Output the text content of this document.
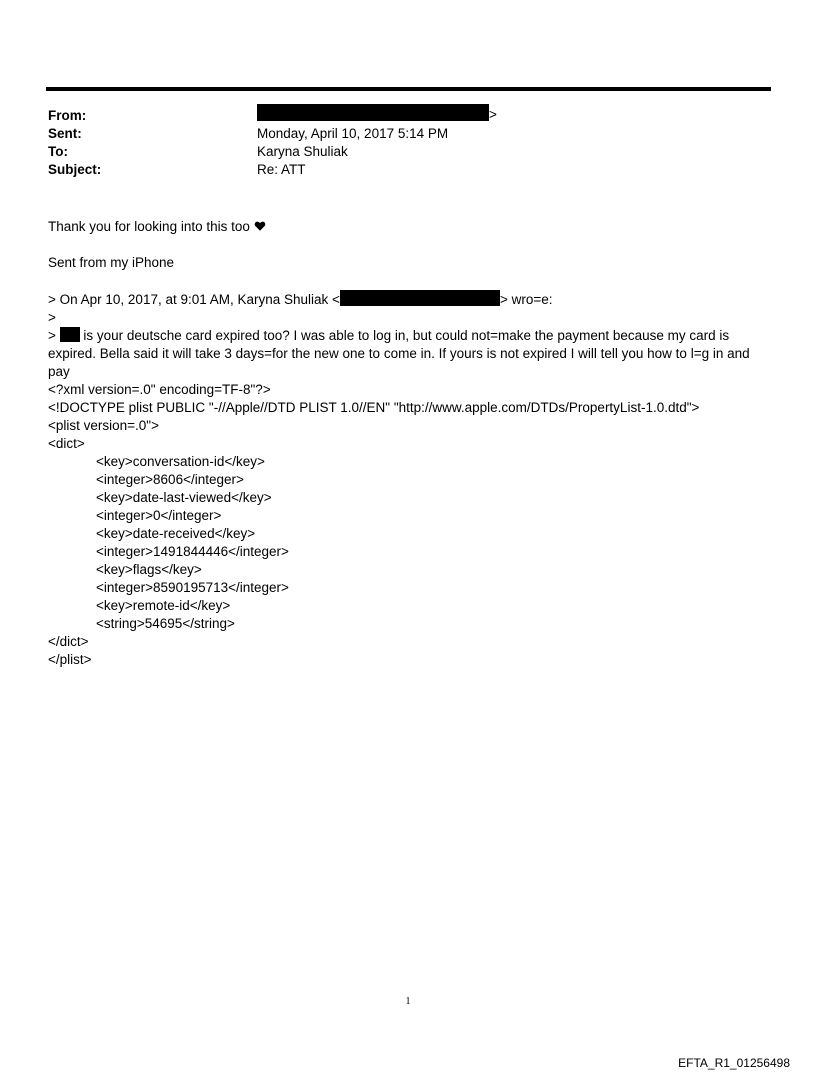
From:	>
Sent:	Monday, April 10, 2017 5:14 PM
To:	Karyna Shuliak
Subject:	Re: ATT
Thank you for looking into this too
Sent from my iPhone
> On Apr 10, 2017, at 9:01 AM, Karyna Shuliak <	> wro=e:
>
>  is your deutsche card expired too? I was able to log in, but could not=make the payment because my card is expired. Bella said it will take 3 days=for the new one to come in. If yours is not expired I will tell you how to l=g in and pay
<?xml version=.0" encoding=TF-8"?>
<!DOCTYPE plist PUBLIC "-//Apple//DTD PLIST 1.0//EN" "http://www.apple.com/DTDs/PropertyList-1.0.dtd">
<plist version=.0">
<dict>
<key>conversation-id</key>
<integer>8606</integer>
<key>date-last-viewed</key>
<integer>0</integer>
<key>date-received</key>
<integer>1491844446</integer>
<key>flags</key>
<integer>8590195713</integer>
<key>remote-id</key>
<string>54695</string>
</dict>
</plist>
1
EFTA_R1_01256498
